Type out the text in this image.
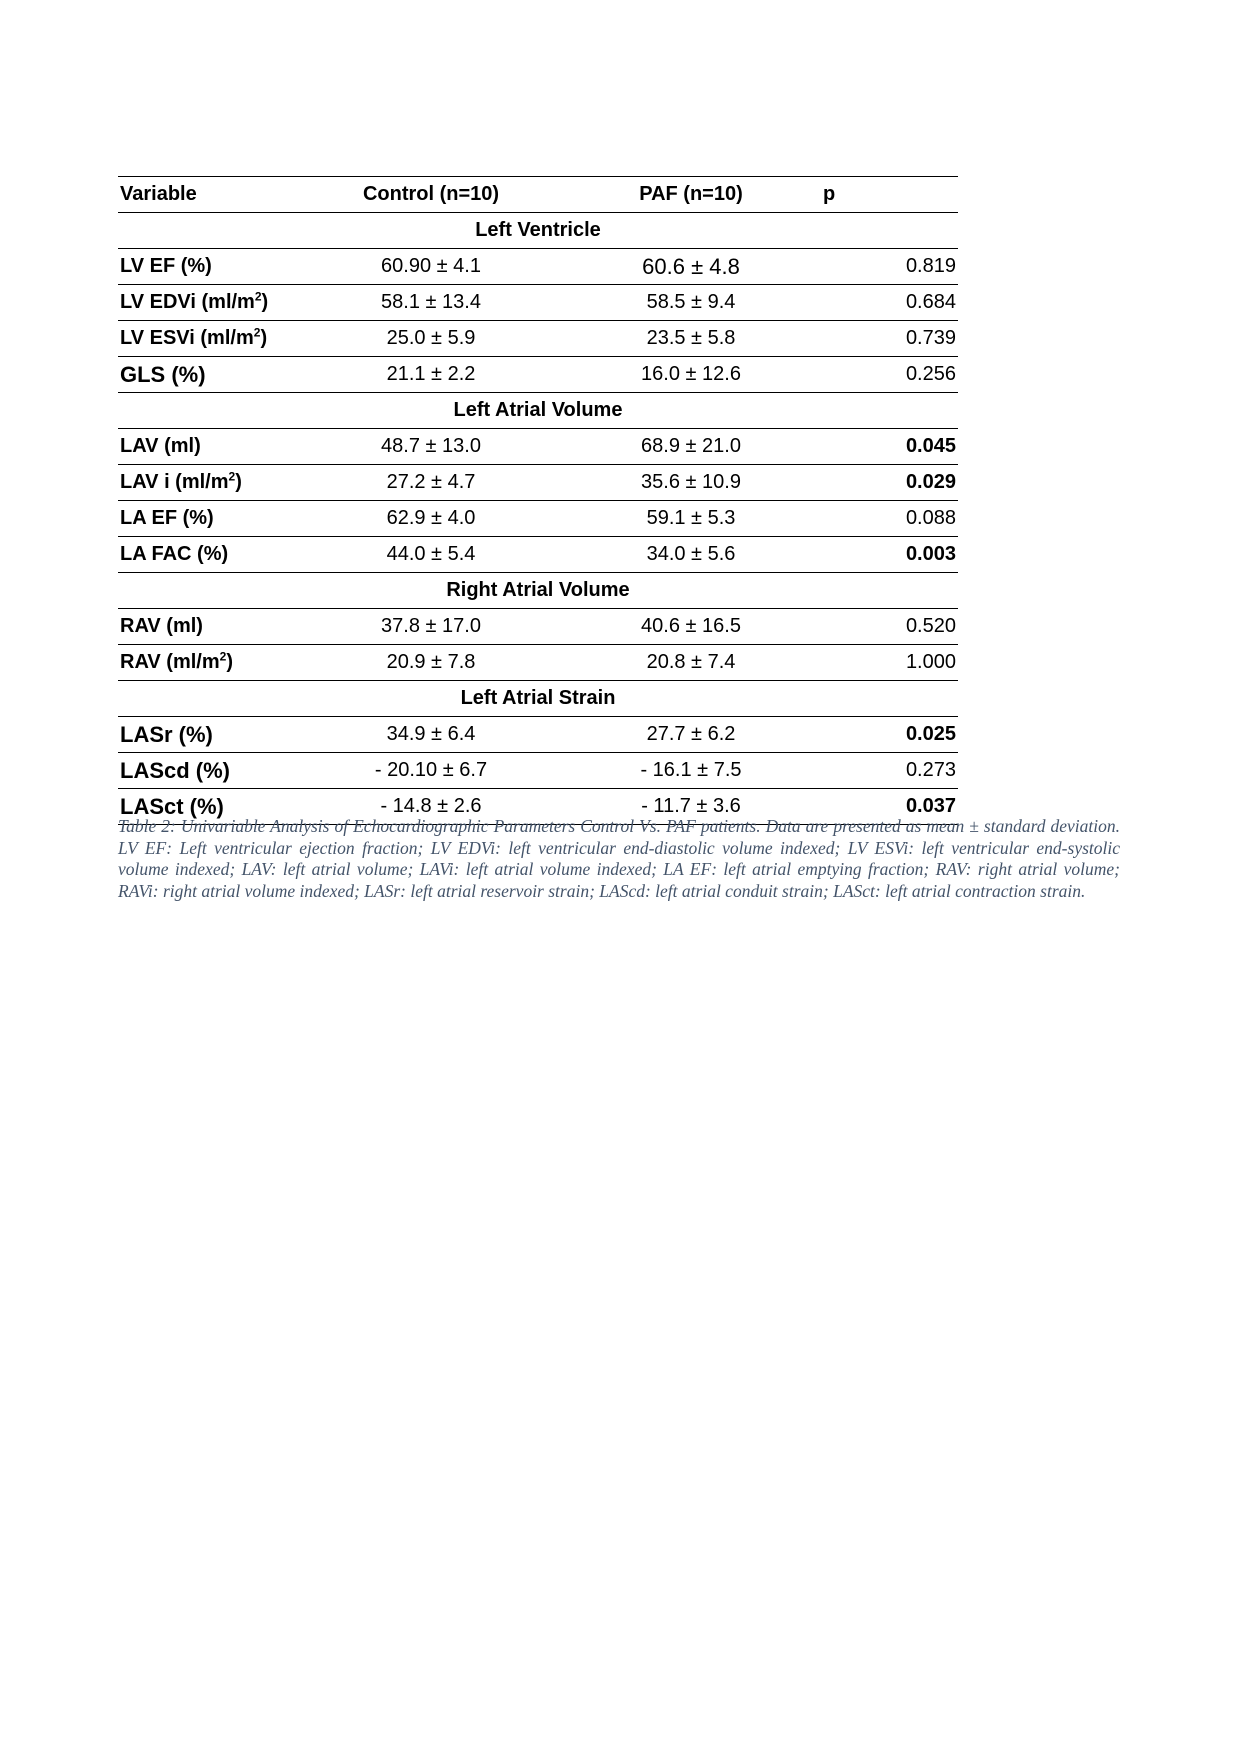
Variable	Control (n=10)	PAF (n=10)	p
Left Ventricle			
LV EF (%)	60.90 ± 4.1	60.6 ± 4.8	0.819
LV EDVi $(ml/m^2)$	58.1 ± 13.4	58.5 ± 9.4	0.684
LV ESVi $(ml/m^2)$	25.0 ± 5.9	23.5 ± 5.8	0.739
GLS (%)	21.1 ± 2.2	16.0 ± 12.6	0.256
Left Atrial Volume			
LAV (ml)	48.7 ± 13.0	68.9 ± 21.0	0.045
LAV i $(ml/m^2)$	27.2 ± 4.7	35.6 ± 10.9	0.029
LA EF (%)	62.9 ± 4.0	59.1 ± 5.3	0.088
LA FAC (%)	44.0 ± 5.4	34.0 ± 5.6	0.003
Right Atrial Volume			
RAV (ml)	37.8 ± 17.0	40.6 ± 16.5	0.520
RAV $(ml/m^2)$	20.9 ± 7.8	20.8 ± 7.4	1.000
Left Atrial Strain			
LASr (%)	34.9 ± 6.4	27.7 ± 6.2	0.025
LAScd (%)	- 20.10 ± 6.7	- 16.1 ± 7.5	0.273
LASct (%)	- 14.8 ± 2.6	- 11.7 ± 3.6	0.037

Table 2: Univariable Analysis of Echocardiographic Parameters Control Vs. PAF patients. Data are presented as mean ± standard deviation. LV EF: Left ventricular ejection fraction; LV EDVi: left ventricular end-diastolic volume indexed; LV ESVi: left ventricular end-systolic volume indexed; LAV: left atrial volume; LAVi: left atrial volume indexed; LA EF: left atrial emptying fraction; RAV: right atrial volume; RAVi: right atrial volume indexed; LASr: left atrial reservoir strain; LAScd: left atrial conduit strain; LASct: left atrial contraction strain.
